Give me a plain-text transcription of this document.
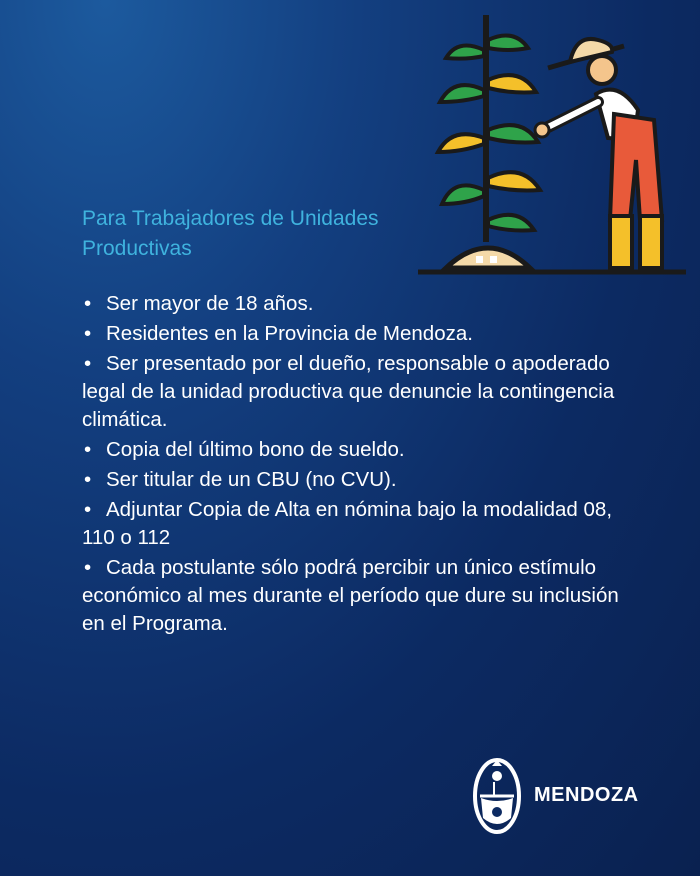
Para Trabajadores de Unidades Productivas
• Ser mayor de 18 años.
• Residentes en la Provincia de Mendoza.
• Ser presentado por el dueño, responsable o apoderado legal de la unidad productiva que denuncie la contingencia climática.
• Copia del último bono de sueldo.
• Ser titular de un CBU (no CVU).
• Adjuntar Copia de Alta en nómina bajo la modalidad 08, 110 o 112
• Cada postulante sólo podrá percibir un único estímulo económico al mes durante el período que dure su inclusión en el Programa.
MENDOZA
